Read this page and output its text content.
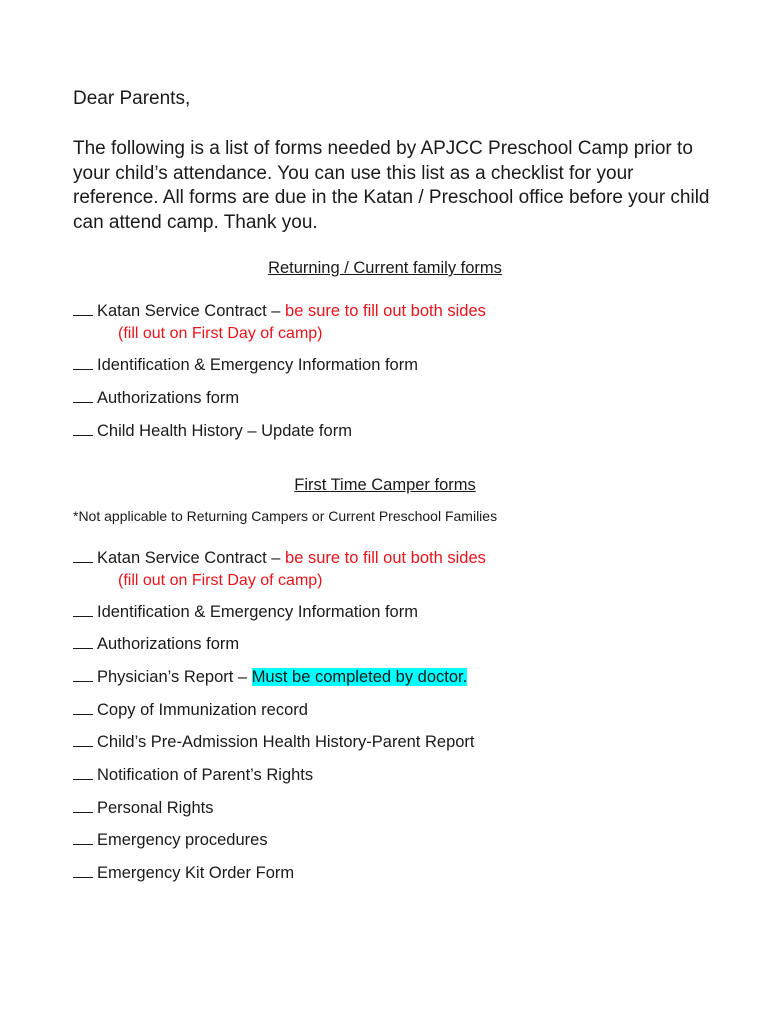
Dear Parents,

The following is a list of forms needed by APJCC Preschool Camp prior to your child’s attendance. You can use this list as a checklist for your reference. All forms are due in the Katan / Preschool office before your child can attend camp. Thank you.

Returning / Current family forms

Katan Service Contract – be sure to fill out both sides

(fill out on First Day of camp)

Identification & Emergency Information form

Authorizations form

Child Health History – Update form

First Time Camper forms

*Not applicable to Returning Campers or Current Preschool Families

Katan Service Contract – be sure to fill out both sides

(fill out on First Day of camp)

Identification & Emergency Information form

Authorizations form

Physician’s Report – Must be completed by doctor.

Copy of Immunization record

Child’s Pre-Admission Health History-Parent Report

Notification of Parent’s Rights

Personal Rights

Emergency procedures

Emergency Kit Order Form
